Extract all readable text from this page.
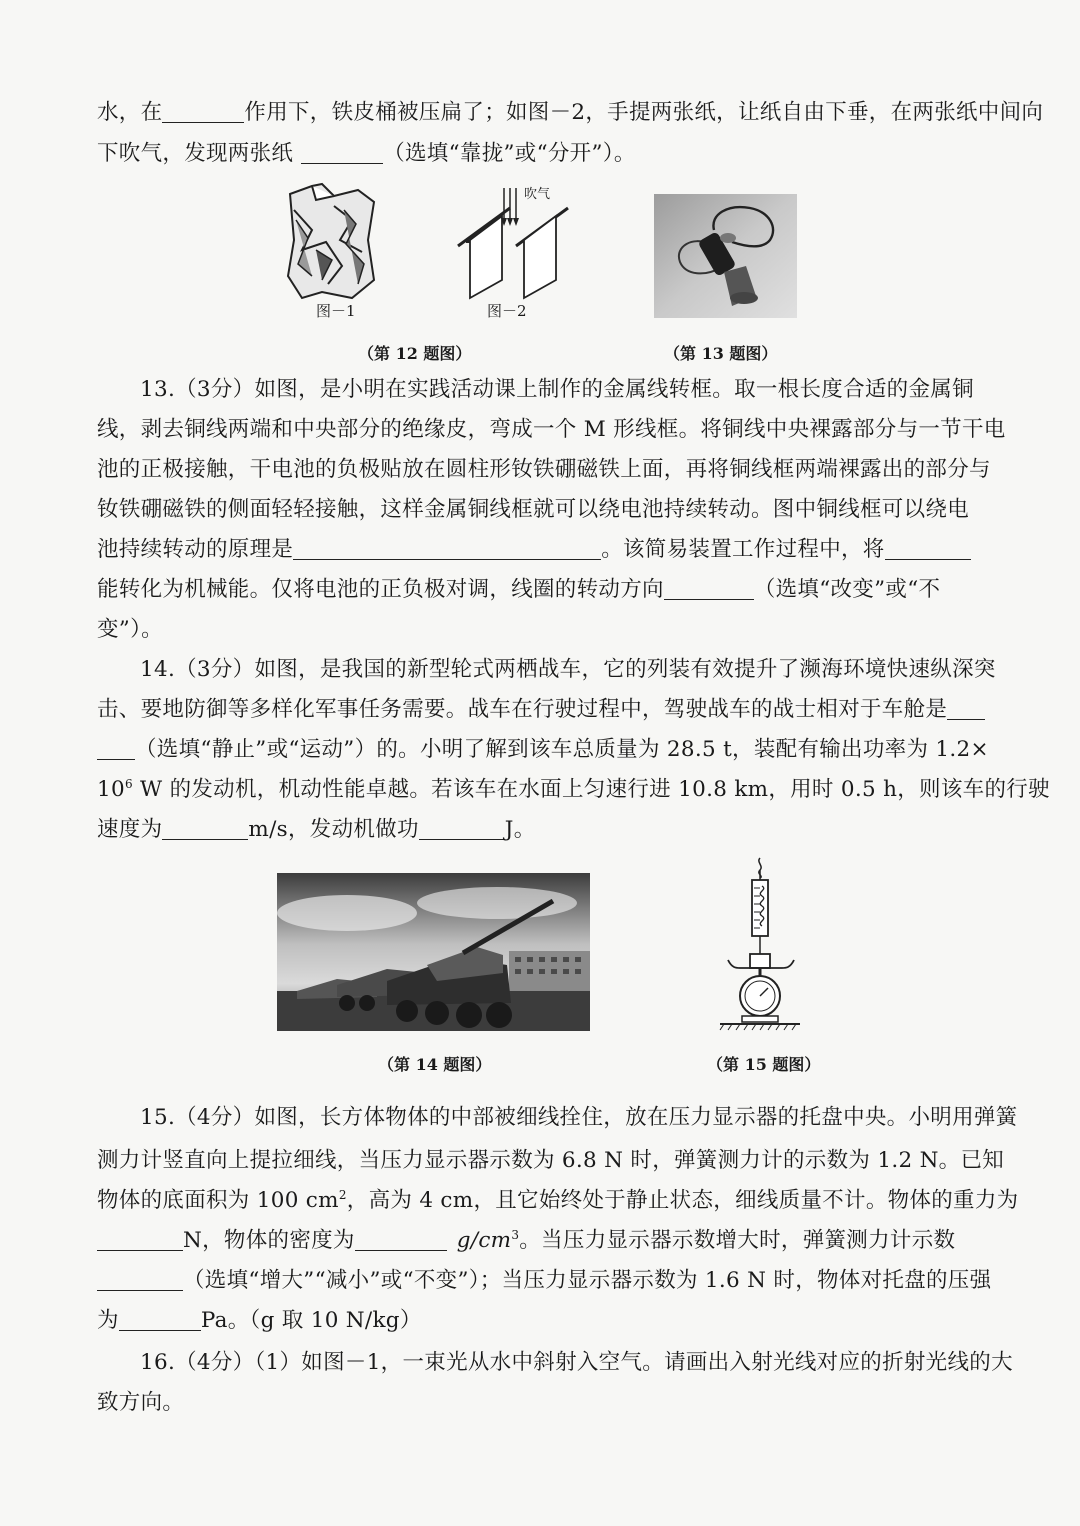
水，在	作用下，铁皮桶被压扁了；如图－2，手提两张纸，让纸自由下垂，在两张纸中间向
下吹气，发现两张纸	（选填“靠拢”或“分开”）。
图－1
吹气
图－2
（第 12 题图）	（第 13 题图）
13.（3分）如图，是小明在实践活动课上制作的金属线转框。取一根长度合适的金属铜
线，剥去铜线两端和中央部分的绝缘皮，弯成一个 M 形线框。将铜线中央裸露部分与一节干电
池的正极接触，干电池的负极贴放在圆柱形钕铁硼磁铁上面，再将铜线框两端裸露出的部分与
钕铁硼磁铁的侧面轻轻接触，这样金属铜线框就可以绕电池持续转动。图中铜线框可以绕电
池持续转动的原理是	。该简易装置工作过程中，将
能转化为机械能。仅将电池的正负极对调，线圈的转动方向	（选填“改变”或“不
变”）。
14.（3分）如图，是我国的新型轮式两栖战车，它的列装有效提升了濒海环境快速纵深突
击、要地防御等多样化军事任务需要。战车在行驶过程中，驾驶战车的战士相对于车舱是
（选填“静止”或“运动”）的。小明了解到该车总质量为 28.5 t，装配有输出功率为 1.2×
$10^6$ W 的发动机，机动性能卓越。若该车在水面上匀速行进 10.8 km，用时 0.5 h，则该车的行驶
速度为	m/s，发动机做功	J。
（第 14 题图）	（第 15 题图）
15.（4分）如图，长方体物体的中部被细线拴住，放在压力显示器的托盘中央。小明用弹簧
测力计竖直向上提拉细线，当压力显示器示数为 6.8 N 时，弹簧测力计的示数为 1.2 N。已知
物体的底面积为 100 $cm^2$，高为 4 cm，且它始终处于静止状态，细线质量不计。物体的重力为
N，物体的密度为	$g/cm^3$。当压力显示器示数增大时，弹簧测力计示数
（选填“增大”“减小”或“不变”）；当压力显示器示数为 1.6 N 时，物体对托盘的压强
为	Pa。（g 取 10 N/kg）
16.（4分）（1）如图－1，一束光从水中斜射入空气。请画出入射光线对应的折射光线的大
致方向。
